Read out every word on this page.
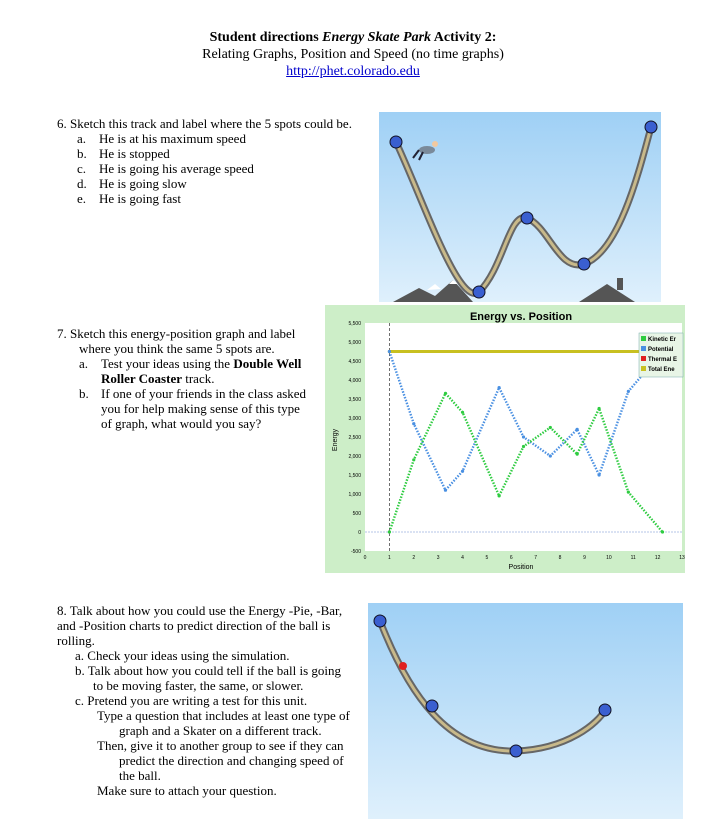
Student directions Energy Skate Park Activity 2:
Relating Graphs, Position and Speed (no time graphs)
http://phet.colorado.edu
6. Sketch this track and label where the 5 spots could be.
a. He is at his maximum speed
b. He is stopped
c. He is going his average speed
d. He is going slow
e. He is going fast
7. Sketch this energy-position graph and label
where you think the same 5 spots are.
a. Test your ideas using the Double Well
Roller Coaster track.
b. If one of your friends in the class asked
you for help making sense of this type
of graph, what would you say?
Energy vs. Position
Position
Energy
5,500
5,000
4,500
4,000
3,500
3,000
2,500
2,000
1,500
1,000
500
0
-500
0	1	2	3	4	5	6	7	8	9	10	11	12	13
Kinetic Er
Potential
Thermal E
Total Ene
8. Talk about how you could use the Energy -Pie, -Bar,
and -Position charts to predict direction of the ball is
rolling.
a. Check your ideas using the simulation.
b. Talk about how you could tell if the ball is going
to be moving faster, the same, or slower.
c. Pretend you are writing a test for this unit.
Type a question that includes at least one type of
graph and a Skater on a different track.
Then, give it to another group to see if they can
predict the direction and changing speed of
the ball.
Make sure to attach your question.
